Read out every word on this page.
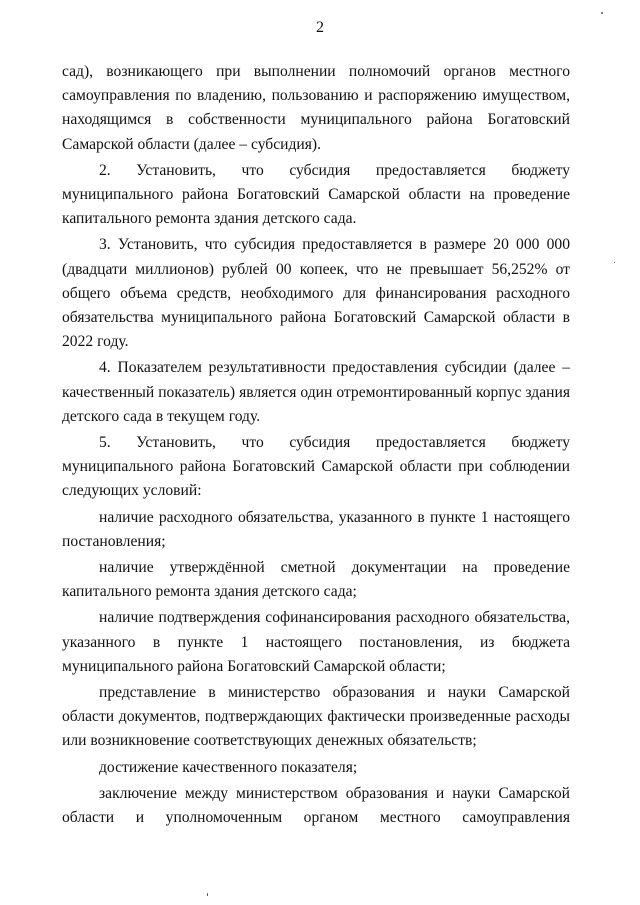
2

сад), возникающего при выполнении полномочий органов местного самоуправления по владению, пользованию и распоряжению имуществом, находящимся в собственности муниципального района Богатовский Самарской области (далее – субсидия).

2. Установить, что субсидия предоставляется бюджету муниципального района Богатовский Самарской области на проведение капитального ремонта здания детского сада.

3. Установить, что субсидия предоставляется в размере 20 000 000 (двадцати миллионов) рублей 00 копеек, что не превышает 56,252% от общего объема средств, необходимого для финансирования расходного обязательства муниципального района Богатовский Самарской области в 2022 году.

4. Показателем результативности предоставления субсидии (далее – качественный показатель) является один отремонтированный корпус здания детского сада в текущем году.

5. Установить, что субсидия предоставляется бюджету муниципального района Богатовский Самарской области при соблюдении следующих условий:

наличие расходного обязательства, указанного в пункте 1 настоящего постановления;

наличие утверждённой сметной документации на проведение капитального ремонта здания детского сада;

наличие подтверждения софинансирования расходного обязательства, указанного в пункте 1 настоящего постановления, из бюджета муниципального района Богатовский Самарской области;

представление в министерство образования и науки Самарской области документов, подтверждающих фактически произведенные расходы или возникновение соответствующих денежных обязательств;

достижение качественного показателя;

заключение между министерством образования и науки Самарской области и уполномоченным органом местного самоуправления
